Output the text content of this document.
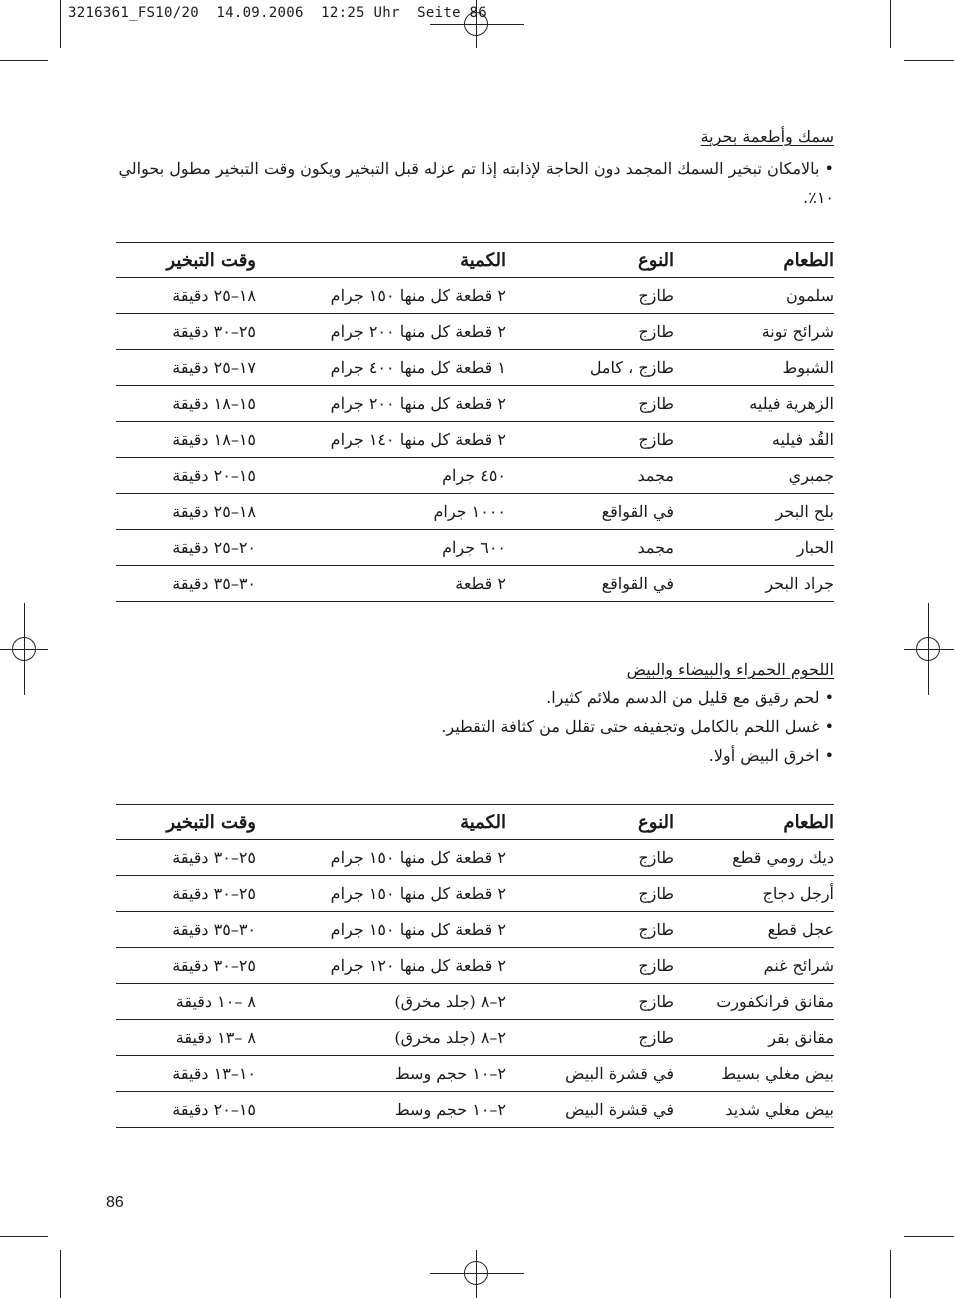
3216361_FS10/20  14.09.2006  12:25 Uhr  Seite 86

سمك وأطعمة بحرية

• بالامكان تبخير السمك المجمد دون الحاجة لإذابته إذا تم عزله قبل التبخير ويكون وقت التبخير مطول بحوالي ١٠٪.

الطعام	النوع	الكمية	وقت التبخير
سلمون	طازج	٢ قطعة كل منها ١٥٠ جرام	١٨–٢٥ دقيقة
شرائح تونة	طازج	٢ قطعة كل منها ٢٠٠ جرام	٢٥–٣٠ دقيقة
الشبوط	طازج ، كامل	١ قطعة كل منها ٤٠٠ جرام	١٧–٢٥ دقيقة
الزهرية فيليه	طازج	٢ قطعة كل منها ٢٠٠ جرام	١٥–١٨ دقيقة
القُد فيليه	طازج	٢ قطعة كل منها ١٤٠ جرام	١٥–١٨ دقيقة
جمبري	مجمد	٤٥٠ جرام	١٥–٢٠ دقيقة
بلح البحر	في القواقع	١٠٠٠ جرام	١٨–٢٥ دقيقة
الحبار	مجمد	٦٠٠ جرام	٢٠–٢٥ دقيقة
جراد البحر	في القواقع	٢ قطعة	٣٠–٣٥ دقيقة

اللحوم الحمراء والبيضاء والبيض

• لحم رقيق مع قليل من الدسم ملائم كثيرا.

• غسل اللحم بالكامل وتجفيفه حتى تقلل من كثافة التقطير.

• اخرق البيض أولا.

الطعام	النوع	الكمية	وقت التبخير
ديك رومي قطع	طازج	٢ قطعة كل منها ١٥٠ جرام	٢٥–٣٠ دقيقة
أرجل دجاج	طازج	٢ قطعة كل منها ١٥٠ جرام	٢٥–٣٠ دقيقة
عجل قطع	طازج	٢ قطعة كل منها ١٥٠ جرام	٣٠–٣٥ دقيقة
شرائح غنم	طازج	٢ قطعة كل منها ١٢٠ جرام	٢٥–٣٠ دقيقة
مقانق فرانكفورت	طازج	٢–٨ (جلد مخرق)	٨ –١٠ دقيقة
مقانق بقر	طازج	٢–٨ (جلد مخرق)	٨ –١٣ دقيقة
بيض مغلي بسيط	في قشرة البيض	٢–١٠ حجم وسط	١٠–١٣ دقيقة
بيض مغلي شديد	في قشرة البيض	٢–١٠ حجم وسط	١٥–٢٠ دقيقة
86
